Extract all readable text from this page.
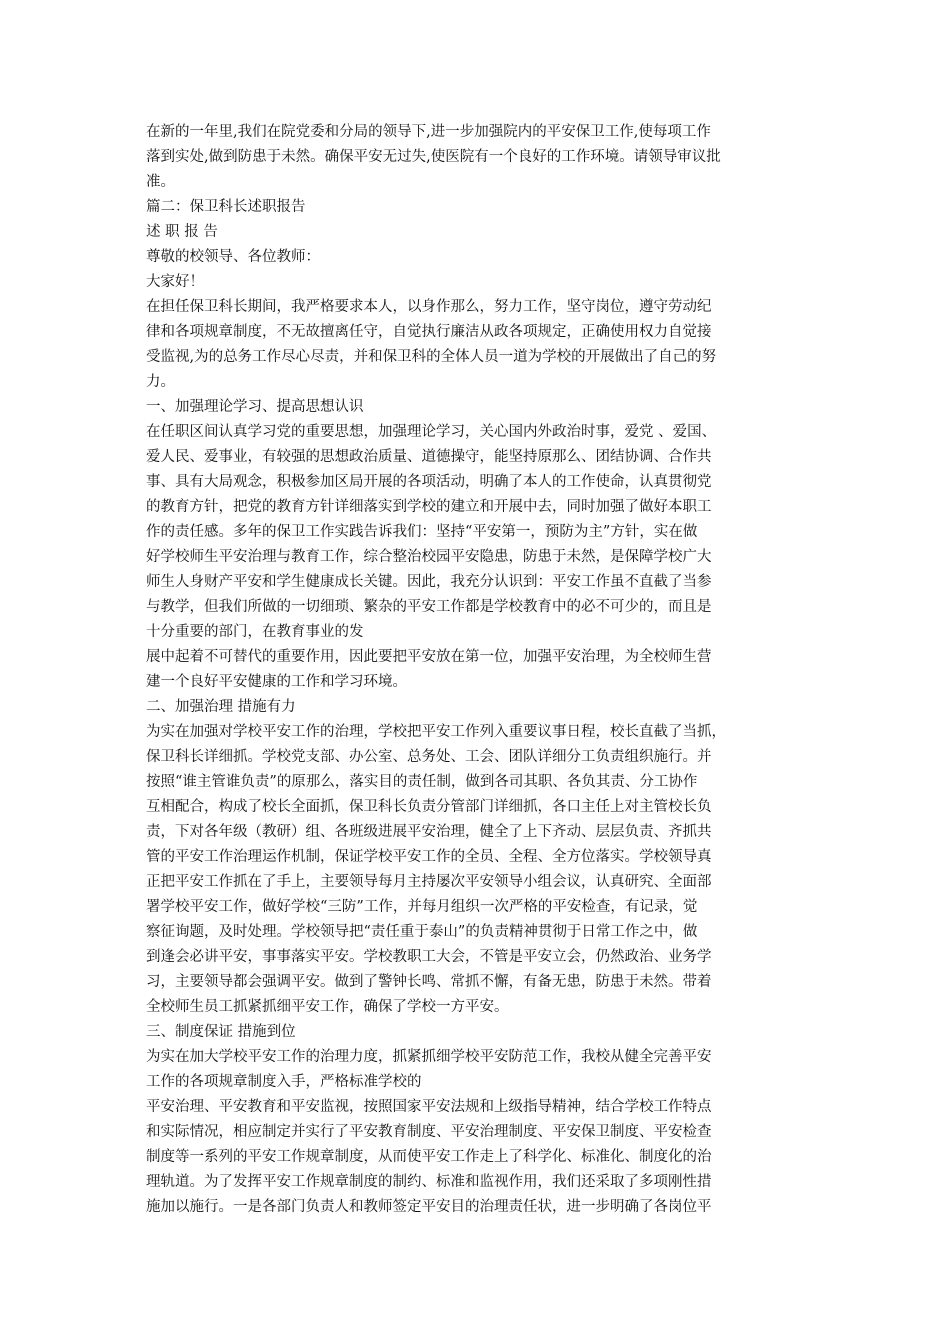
在新的一年里,我们在院党委和分局的领导下,进一步加强院内的平安保卫工作,使每项工作
落到实处,做到防患于未然。确保平安无过失,使医院有一个良好的工作环境。请领导审议批
准。
篇二：保卫科长述职报告
述 职 报 告
尊敬的校领导、各位教师：
大家好！
在担任保卫科长期间，我严格要求本人，以身作那么，努力工作，坚守岗位，遵守劳动纪
律和各项规章制度，不无故擅离任守，自觉执行廉洁从政各项规定，正确使用权力自觉接
受监视,为的总务工作尽心尽责，并和保卫科的全体人员一道为学校的开展做出了自己的努
力。
一、加强理论学习、提高思想认识
在任职区间认真学习党的重要思想，加强理论学习，关心国内外政治时事，爱党 、爱国、
爱人民、爱事业，有较强的思想政治质量、道德操守，能坚持原那么、团结协调、合作共
事、具有大局观念，积极参加区局开展的各项活动，明确了本人的工作使命，认真贯彻党
的教育方针，把党的教育方针详细落实到学校的建立和开展中去，同时加强了做好本职工
作的责任感。多年的保卫工作实践告诉我们：坚持“平安第一，预防为主”方针，实在做
好学校师生平安治理与教育工作，综合整治校园平安隐患，防患于未然，是保障学校广大
师生人身财产平安和学生健康成长关键。因此，我充分认识到：平安工作虽不直截了当参
与教学，但我们所做的一切细琐、繁杂的平安工作都是学校教育中的必不可少的，而且是
十分重要的部门，在教育事业的发
展中起着不可替代的重要作用，因此要把平安放在第一位，加强平安治理，为全校师生营
建一个良好平安健康的工作和学习环境。
二、加强治理 措施有力
为实在加强对学校平安工作的治理，学校把平安工作列入重要议事日程，校长直截了当抓，
保卫科长详细抓。学校党支部、办公室、总务处、工会、团队详细分工负责组织施行。并
按照“谁主管谁负责”的原那么，落实目的责任制，做到各司其职、各负其责、分工协作
互相配合，构成了校长全面抓，保卫科长负责分管部门详细抓，各口主任上对主管校长负
责，下对各年级（教研）组、各班级进展平安治理，健全了上下齐动、层层负责、齐抓共
管的平安工作治理运作机制，保证学校平安工作的全员、全程、全方位落实。学校领导真
正把平安工作抓在了手上，主要领导每月主持屡次平安领导小组会议，认真研究、全面部
署学校平安工作，做好学校“三防”工作，并每月组织一次严格的平安检查，有记录，觉
察征询题，及时处理。学校领导把“责任重于泰山”的负责精神贯彻于日常工作之中，做
到逢会必讲平安，事事落实平安。学校教职工大会，不管是平安立会，仍然政治、业务学
习，主要领导都会强调平安。做到了警钟长鸣、常抓不懈，有备无患，防患于未然。带着
全校师生员工抓紧抓细平安工作，确保了学校一方平安。
三、制度保证 措施到位
为实在加大学校平安工作的治理力度，抓紧抓细学校平安防范工作，我校从健全完善平安
工作的各项规章制度入手，严格标准学校的
平安治理、平安教育和平安监视，按照国家平安法规和上级指导精神，结合学校工作特点
和实际情况，相应制定并实行了平安教育制度、平安治理制度、平安保卫制度、平安检查
制度等一系列的平安工作规章制度，从而使平安工作走上了科学化、标准化、制度化的治
理轨道。为了发挥平安工作规章制度的制约、标准和监视作用，我们还采取了多项刚性措
施加以施行。一是各部门负责人和教师签定平安目的治理责任状，进一步明确了各岗位平
